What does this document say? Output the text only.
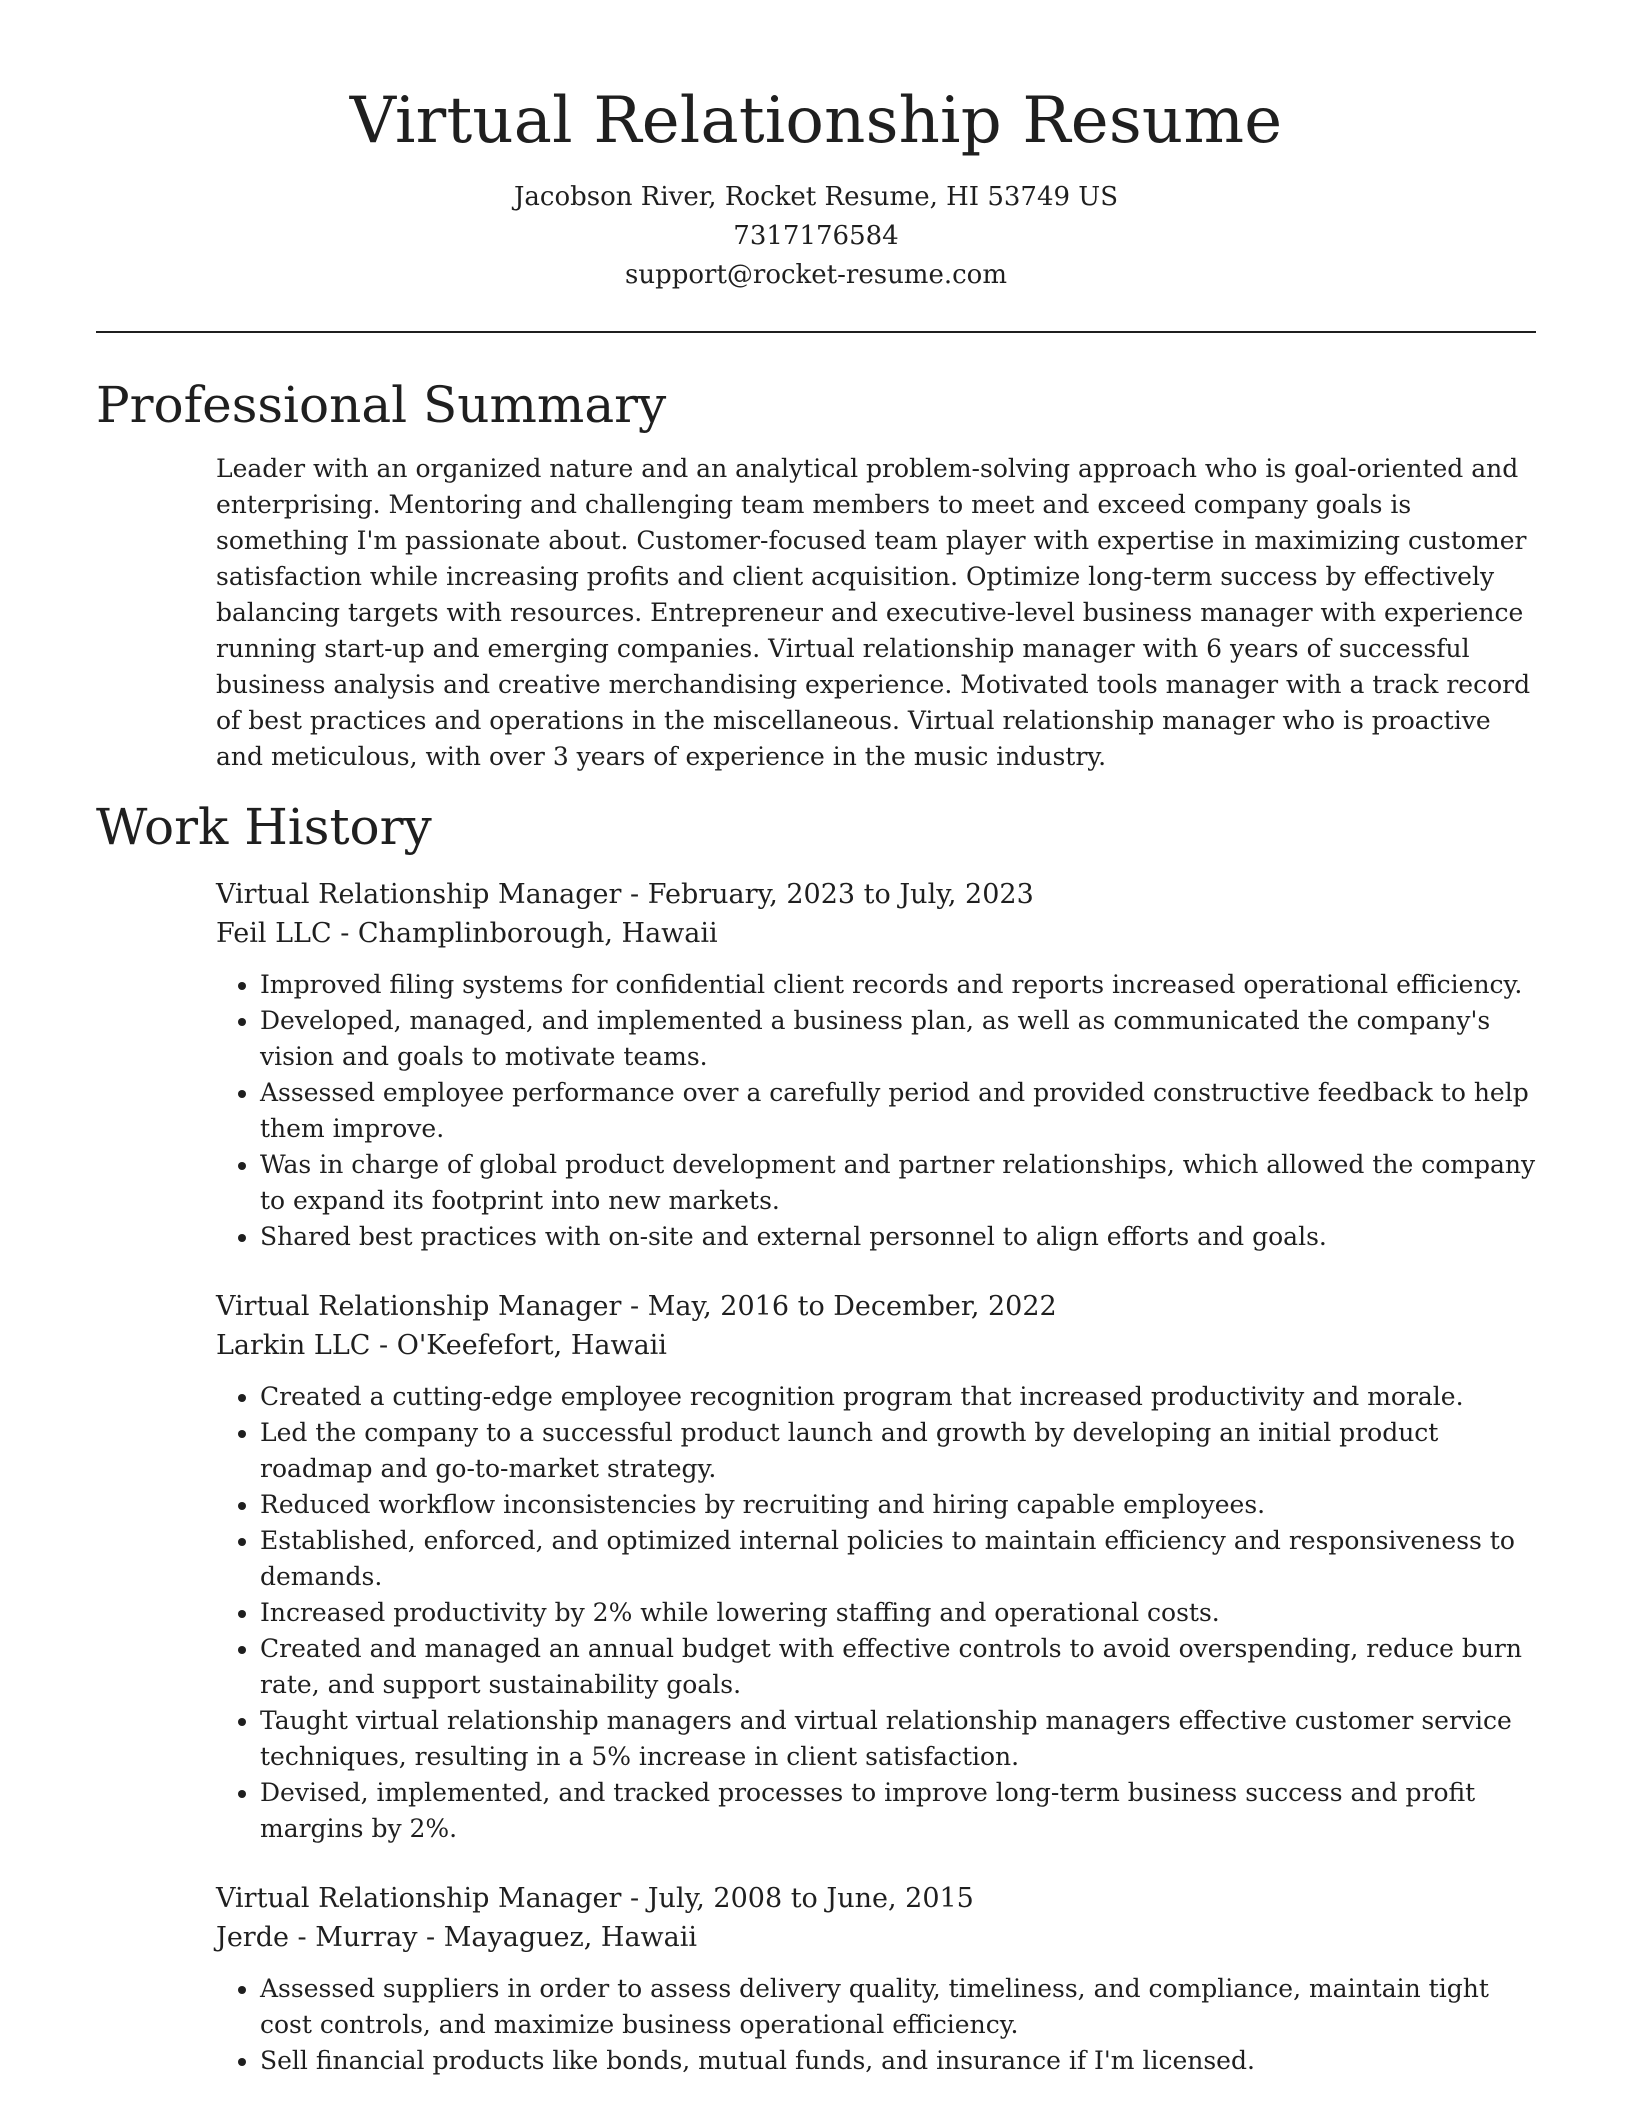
Virtual Relationship Resume
Jacobson River, Rocket Resume, HI 53749 US
7317176584
support@rocket-resume.com
Professional Summary

Leader with an organized nature and an analytical problem-solving approach who is goal-oriented and enterprising. Mentoring and challenging team members to meet and exceed company goals is something I'm passionate about. Customer-focused team player with expertise in maximizing customer satisfaction while increasing profits and client acquisition. Optimize long-term success by effectively balancing targets with resources. Entrepreneur and executive-level business manager with experience running start-up and emerging companies. Virtual relationship manager with 6 years of successful business analysis and creative merchandising experience. Motivated tools manager with a track record of best practices and operations in the miscellaneous. Virtual relationship manager who is proactive and meticulous, with over 3 years of experience in the music industry.

Work History
Virtual Relationship Manager - February, 2023 to July, 2023
Feil LLC - Champlinborough, Hawaii
• Improved filing systems for confidential client records and reports increased operational efficiency.
• Developed, managed, and implemented a business plan, as well as communicated the company's vision and goals to motivate teams.
• Assessed employee performance over a carefully period and provided constructive feedback to help them improve.
• Was in charge of global product development and partner relationships, which allowed the company to expand its footprint into new markets.
• Shared best practices with on-site and external personnel to align efforts and goals.
Virtual Relationship Manager - May, 2016 to December, 2022
Larkin LLC - O'Keefefort, Hawaii
• Created a cutting-edge employee recognition program that increased productivity and morale.
• Led the company to a successful product launch and growth by developing an initial product roadmap and go-to-market strategy.
• Reduced workflow inconsistencies by recruiting and hiring capable employees.
• Established, enforced, and optimized internal policies to maintain efficiency and responsiveness to demands.
• Increased productivity by 2% while lowering staffing and operational costs.
• Created and managed an annual budget with effective controls to avoid overspending, reduce burn rate, and support sustainability goals.
• Taught virtual relationship managers and virtual relationship managers effective customer service techniques, resulting in a 5% increase in client satisfaction.
• Devised, implemented, and tracked processes to improve long-term business success and profit margins by 2%.
Virtual Relationship Manager - July, 2008 to June, 2015
Jerde - Murray - Mayaguez, Hawaii
• Assessed suppliers in order to assess delivery quality, timeliness, and compliance, maintain tight cost controls, and maximize business operational efficiency.
• Sell financial products like bonds, mutual funds, and insurance if I'm licensed.
